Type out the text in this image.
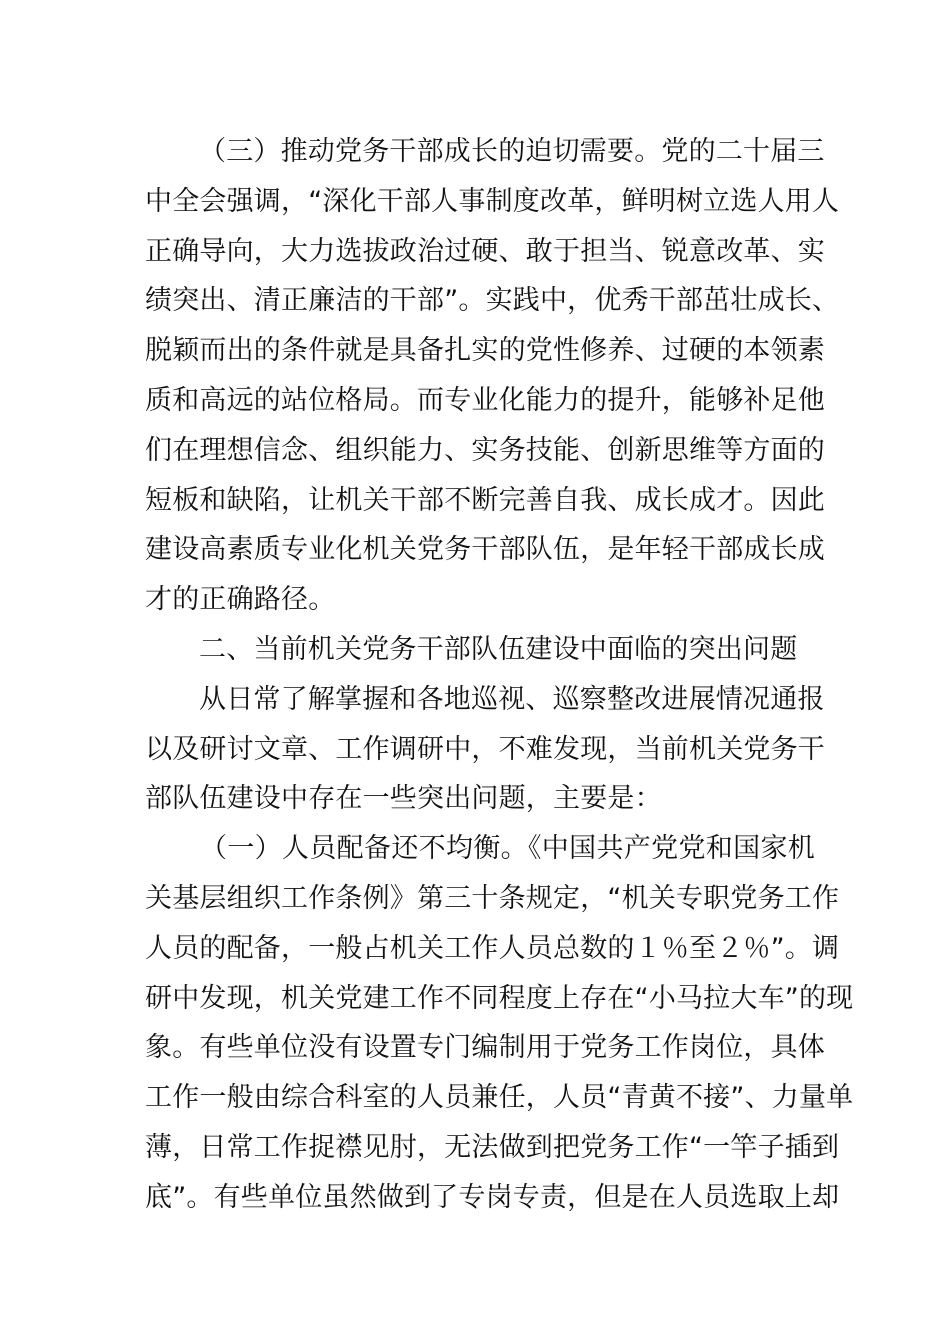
（三）推动党务干部成长的迫切需要。党的二十届三
中全会强调，“深化干部人事制度改革，鲜明树立选人用人
正确导向，大力选拔政治过硬、敢于担当、锐意改革、实
绩突出、清正廉洁的干部”。实践中，优秀干部茁壮成长、
脱颖而出的条件就是具备扎实的党性修养、过硬的本领素
质和高远的站位格局。而专业化能力的提升，能够补足他
们在理想信念、组织能力、实务技能、创新思维等方面的
短板和缺陷，让机关干部不断完善自我、成长成才。因此
建设高素质专业化机关党务干部队伍，是年轻干部成长成
才的正确路径。
二、当前机关党务干部队伍建设中面临的突出问题
从日常了解掌握和各地巡视、巡察整改进展情况通报
以及研讨文章、工作调研中，不难发现，当前机关党务干
部队伍建设中存在一些突出问题，主要是：
（一）人员配备还不均衡。《中国共产党党和国家机
关基层组织工作条例》第三十条规定，“机关专职党务工作
人员的配备，一般占机关工作人员总数的１％至２％”。调
研中发现，机关党建工作不同程度上存在“小马拉大车”的现
象。有些单位没有设置专门编制用于党务工作岗位，具体
工作一般由综合科室的人员兼任，人员“青黄不接”、力量单
薄，日常工作捉襟见肘，无法做到把党务工作“一竿子插到
底”。有些单位虽然做到了专岗专责，但是在人员选取上却
